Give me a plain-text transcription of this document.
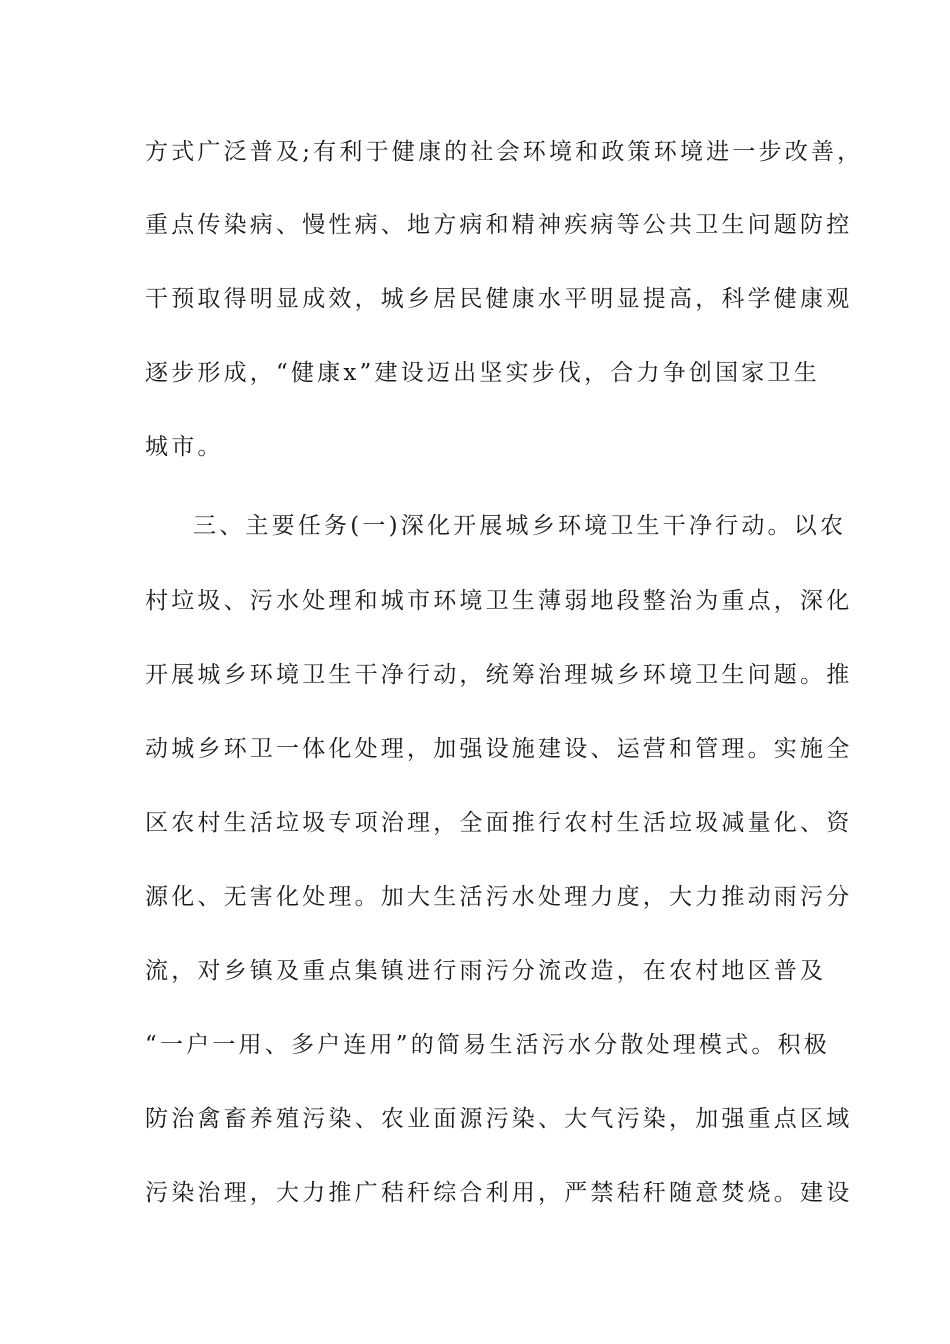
方式广泛普及;有利于健康的社会环境和政策环境进一步改善，
重点传染病、慢性病、地方病和精神疾病等公共卫生问题防控
干预取得明显成效，城乡居民健康水平明显提高，科学健康观
逐步形成，“健康x”建设迈出坚实步伐，合力争创国家卫生
城市。
三、主要任务(一)深化开展城乡环境卫生干净行动。以农
村垃圾、污水处理和城市环境卫生薄弱地段整治为重点，深化
开展城乡环境卫生干净行动，统筹治理城乡环境卫生问题。推
动城乡环卫一体化处理，加强设施建设、运营和管理。实施全
区农村生活垃圾专项治理，全面推行农村生活垃圾减量化、资
源化、无害化处理。加大生活污水处理力度，大力推动雨污分
流，对乡镇及重点集镇进行雨污分流改造，在农村地区普及
“一户一用、多户连用”的简易生活污水分散处理模式。积极
防治禽畜养殖污染、农业面源污染、大气污染，加强重点区域
污染治理，大力推广秸秆综合利用，严禁秸秆随意焚烧。建设
